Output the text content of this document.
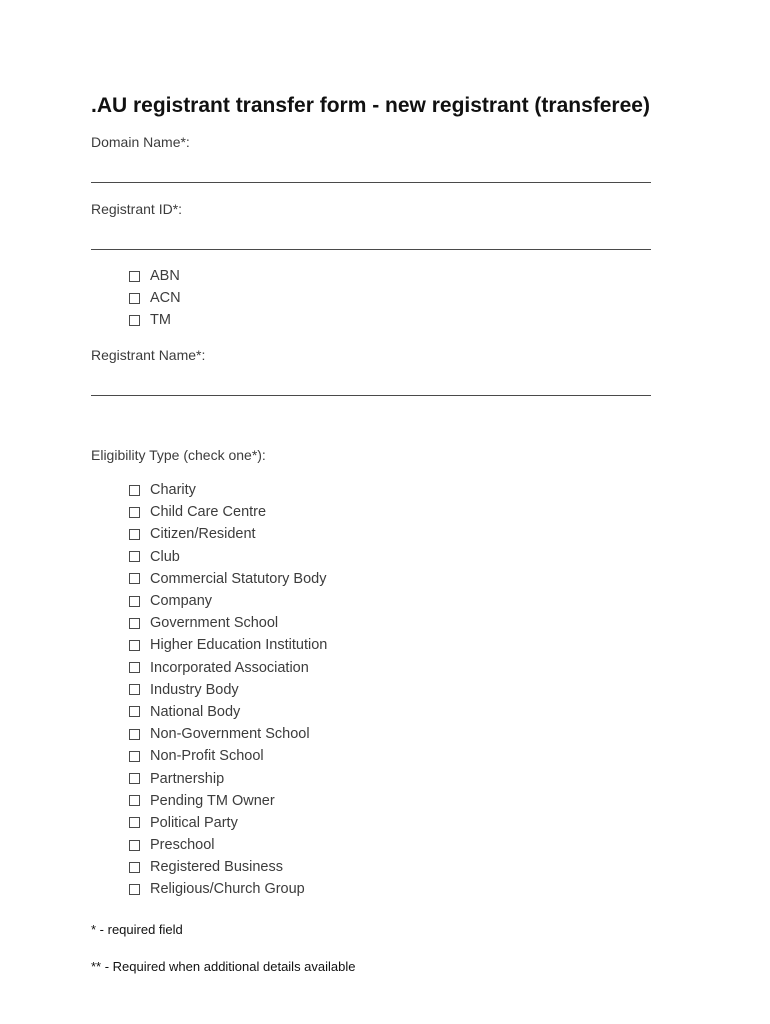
.AU registrant transfer form - new registrant (transferee)
Domain Name*:
Registrant ID*:
ABN
ACN
TM
Registrant Name*:
Eligibility Type (check one*):
Charity
Child Care Centre
Citizen/Resident
Club
Commercial Statutory Body
Company
Government School
Higher Education Institution
Incorporated Association
Industry Body
National Body
Non-Government School
Non-Profit School
Partnership
Pending TM Owner
Political Party
Preschool
Registered Business
Religious/Church Group
* - required field
** - Required when additional details available
